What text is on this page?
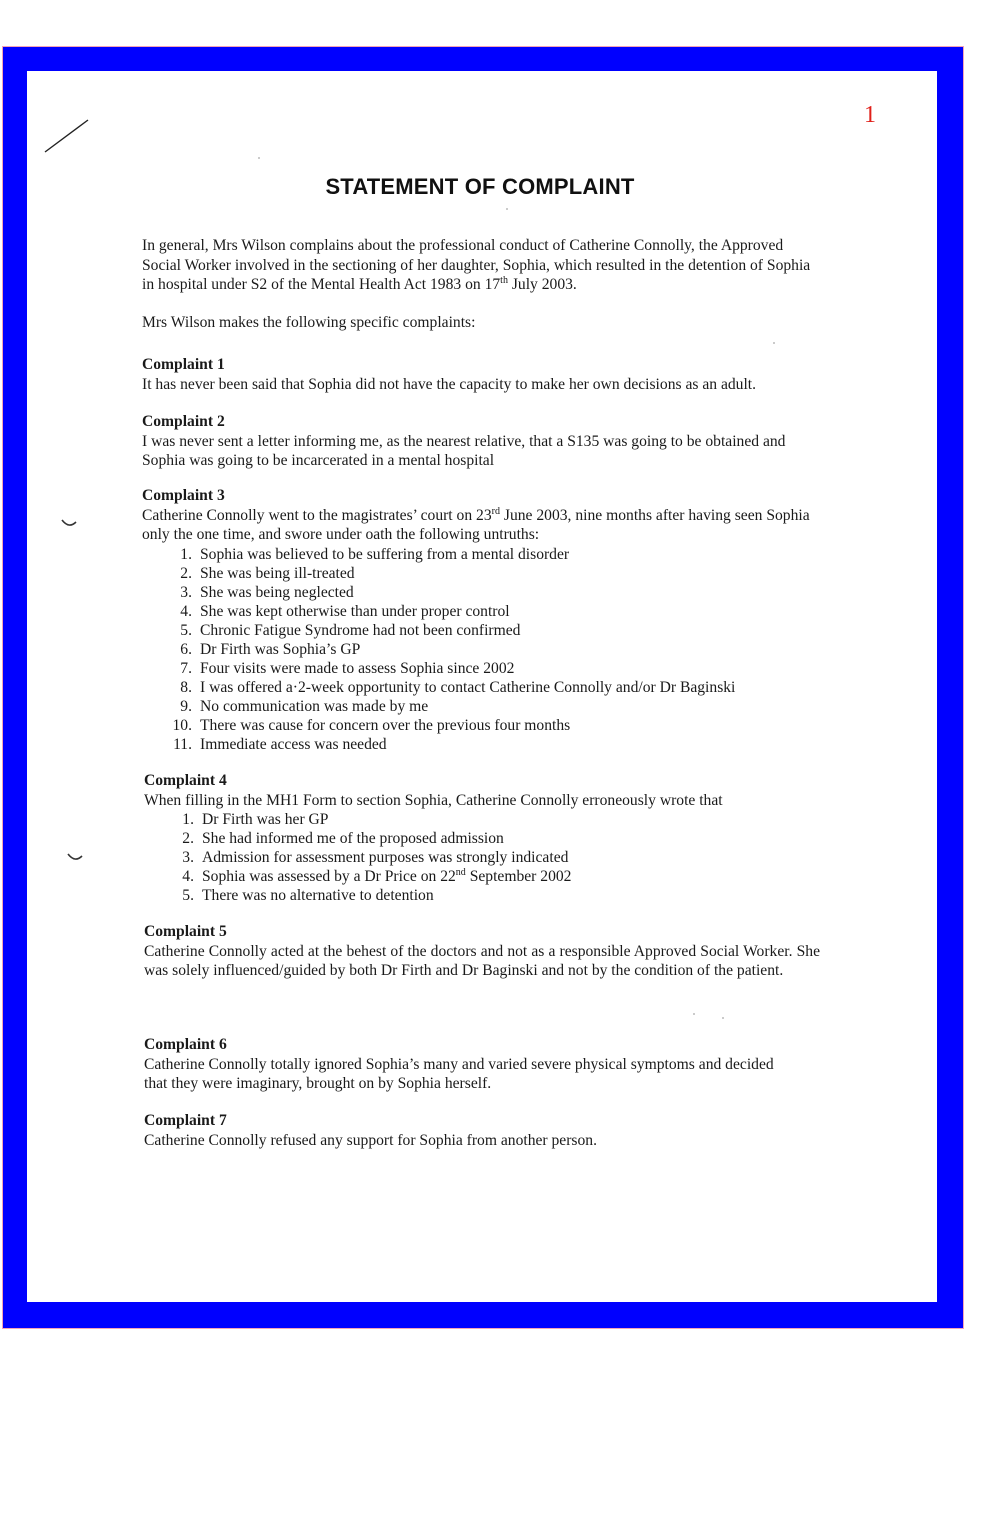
1
STATEMENT OF COMPLAINT
In general, Mrs Wilson complains about the professional conduct of Catherine Connolly, the Approved Social Worker involved in the sectioning of her daughter, Sophia, which resulted in the detention of Sophia in hospital under S2 of the Mental Health Act 1983 on 17th July 2003.
Mrs Wilson makes the following specific complaints:
Complaint 1
It has never been said that Sophia did not have the capacity to make her own decisions as an adult.
Complaint 2
I was never sent a letter informing me, as the nearest relative, that a S135 was going to be obtained and Sophia was going to be incarcerated in a mental hospital
Complaint 3
Catherine Connolly went to the magistrates’ court on 23rd June 2003, nine months after having seen Sophia only the one time, and swore under oath the following untruths:
1. Sophia was believed to be suffering from a mental disorder
2. She was being ill-treated
3. She was being neglected
4. She was kept otherwise than under proper control
5. Chronic Fatigue Syndrome had not been confirmed
6. Dr Firth was Sophia’s GP
7. Four visits were made to assess Sophia since 2002
8. I was offered a·2-week opportunity to contact Catherine Connolly and/or Dr Baginski
9. No communication was made by me
10. There was cause for concern over the previous four months
11. Immediate access was needed
Complaint 4
When filling in the MH1 Form to section Sophia, Catherine Connolly erroneously wrote that
1. Dr Firth was her GP
2. She had informed me of the proposed admission
3. Admission for assessment purposes was strongly indicated
4. Sophia was assessed by a Dr Price on 22nd September 2002
5. There was no alternative to detention
Complaint 5
Catherine Connolly acted at the behest of the doctors and not as a responsible Approved Social Worker. She was solely influenced/guided by both Dr Firth and Dr Baginski and not by the condition of the patient.
Complaint 6
Catherine Connolly totally ignored Sophia’s many and varied severe physical symptoms and decided that they were imaginary, brought on by Sophia herself.
Complaint 7
Catherine Connolly refused any support for Sophia from another person.
